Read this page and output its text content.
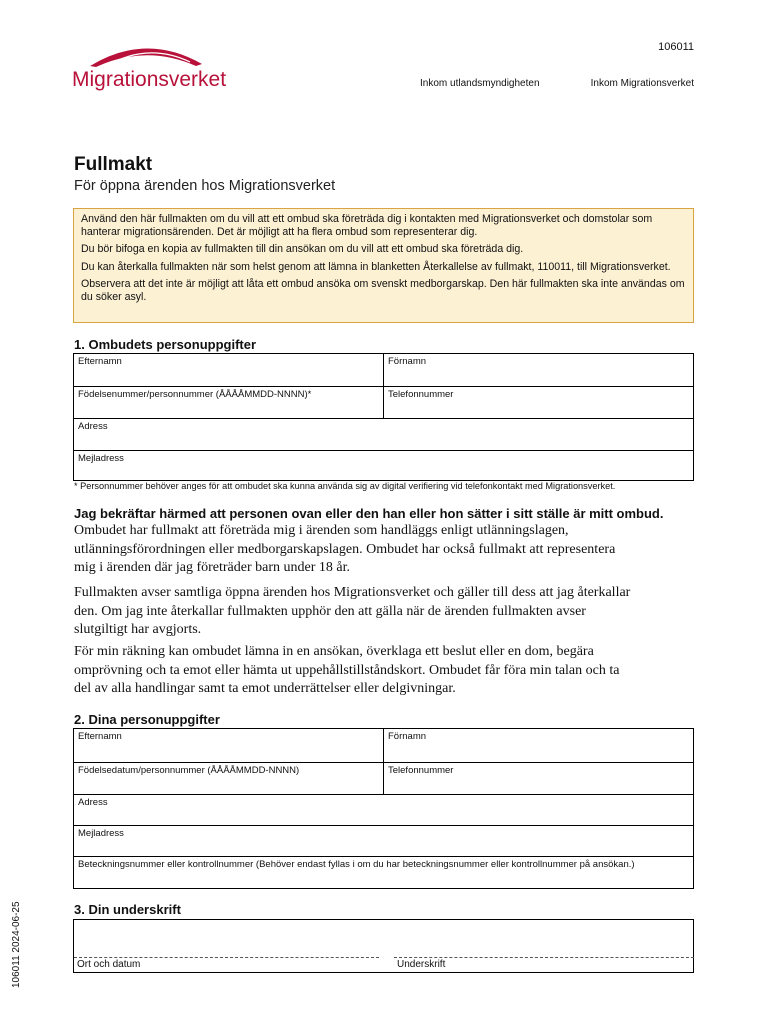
Migrationsverket
106011
Inkom utlandsmyndigheten	Inkom Migrationsverket
Fullmakt
För öppna ärenden hos Migrationsverket

Använd den här fullmakten om du vill att ett ombud ska företräda dig i kontakten med Migrationsverket och domstolar som hanterar migrationsärenden. Det är möjligt att ha flera ombud som representerar dig.

Du bör bifoga en kopia av fullmakten till din ansökan om du vill att ett ombud ska företräda dig.

Du kan återkalla fullmakten när som helst genom att lämna in blanketten Återkallelse av fullmakt, 110011, till Migrationsverket.

Observera att det inte är möjligt att låta ett ombud ansöka om svenskt medborgarskap. Den här fullmakten ska inte användas om du söker asyl.

1. Ombudets personuppgifter
Efternamn	Förnamn
Födelsenummer/personnummer (ÅÅÅÅMMDD-NNNN)*	Telefonnummer
Adress
Mejladress
* Personnummer behöver anges för att ombudet ska kunna använda sig av digital verifiering vid telefonkontakt med Migrationsverket.
Jag bekräftar härmed att personen ovan eller den han eller hon sätter i sitt ställe är mitt ombud.
Ombudet har fullmakt att företräda mig i ärenden som handläggs enligt utlänningslagen, utlänningsförordningen eller medborgarskapslagen. Ombudet har också fullmakt att representera mig i ärenden där jag företräder barn under 18 år.
Fullmakten avser samtliga öppna ärenden hos Migrationsverket och gäller till dess att jag återkallar den. Om jag inte återkallar fullmakten upphör den att gälla när de ärenden fullmakten avser slutgiltigt har avgjorts.
För min räkning kan ombudet lämna in en ansökan, överklaga ett beslut eller en dom, begära omprövning och ta emot eller hämta ut uppehållstillståndskort. Ombudet får föra min talan och ta del av alla handlingar samt ta emot underrättelser eller delgivningar.
2. Dina personuppgifter
Efternamn	Förnamn
Födelsedatum/personnummer (ÅÅÅÅMMDD-NNNN)	Telefonnummer
Adress
Mejladress
Beteckningsnummer eller kontrollnummer (Behöver endast fyllas i om du har beteckningsnummer eller kontrollnummer på ansökan.)
3. Din underskrift
Ort och datum	Underskrift
106011 2024-06-25
